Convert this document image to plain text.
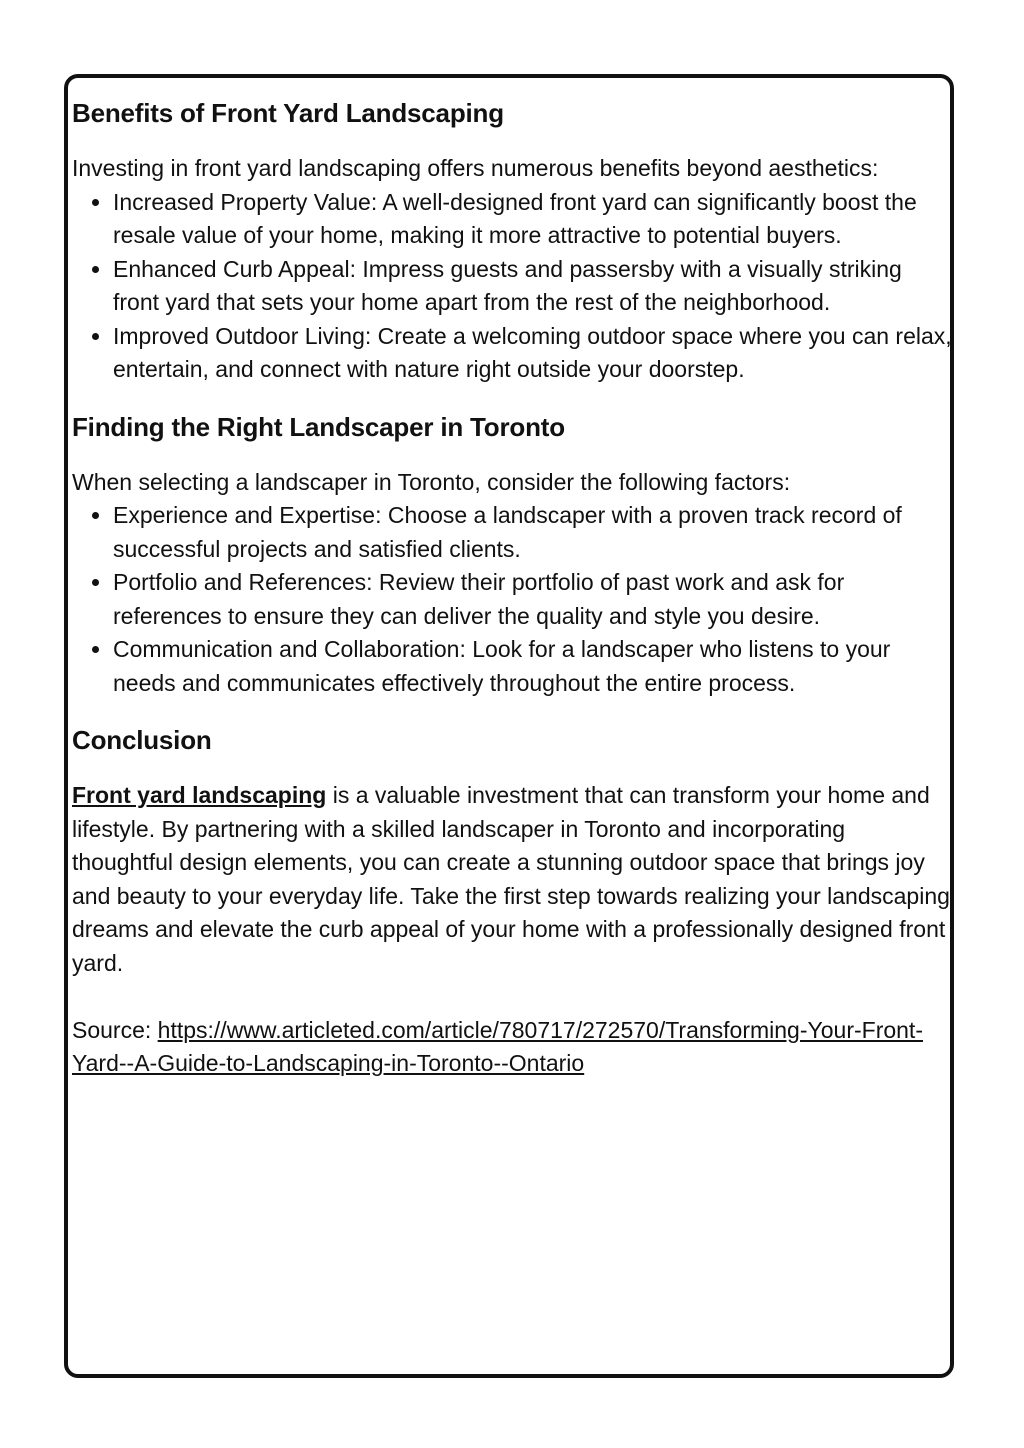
Benefits of Front Yard Landscaping

Investing in front yard landscaping offers numerous benefits beyond aesthetics:

• Increased Property Value: A well-designed front yard can significantly boost the resale value of your home, making it more attractive to potential buyers.
• Enhanced Curb Appeal: Impress guests and passersby with a visually striking front yard that sets your home apart from the rest of the neighborhood.
• Improved Outdoor Living: Create a welcoming outdoor space where you can relax, entertain, and connect with nature right outside your doorstep.
Finding the Right Landscaper in Toronto

When selecting a landscaper in Toronto, consider the following factors:

• Experience and Expertise: Choose a landscaper with a proven track record of successful projects and satisfied clients.
• Portfolio and References: Review their portfolio of past work and ask for references to ensure they can deliver the quality and style you desire.
• Communication and Collaboration: Look for a landscaper who listens to your needs and communicates effectively throughout the entire process.
Conclusion

Front yard landscaping is a valuable investment that can transform your home and lifestyle. By partnering with a skilled landscaper in Toronto and incorporating thoughtful design elements, you can create a stunning outdoor space that brings joy and beauty to your everyday life. Take the first step towards realizing your landscaping dreams and elevate the curb appeal of your home with a professionally designed front yard.

Source: https://www.articleted.com/article/780717/272570/Transforming-Your-Front-Yard--A-Guide-to-Landscaping-in-Toronto--Ontario
